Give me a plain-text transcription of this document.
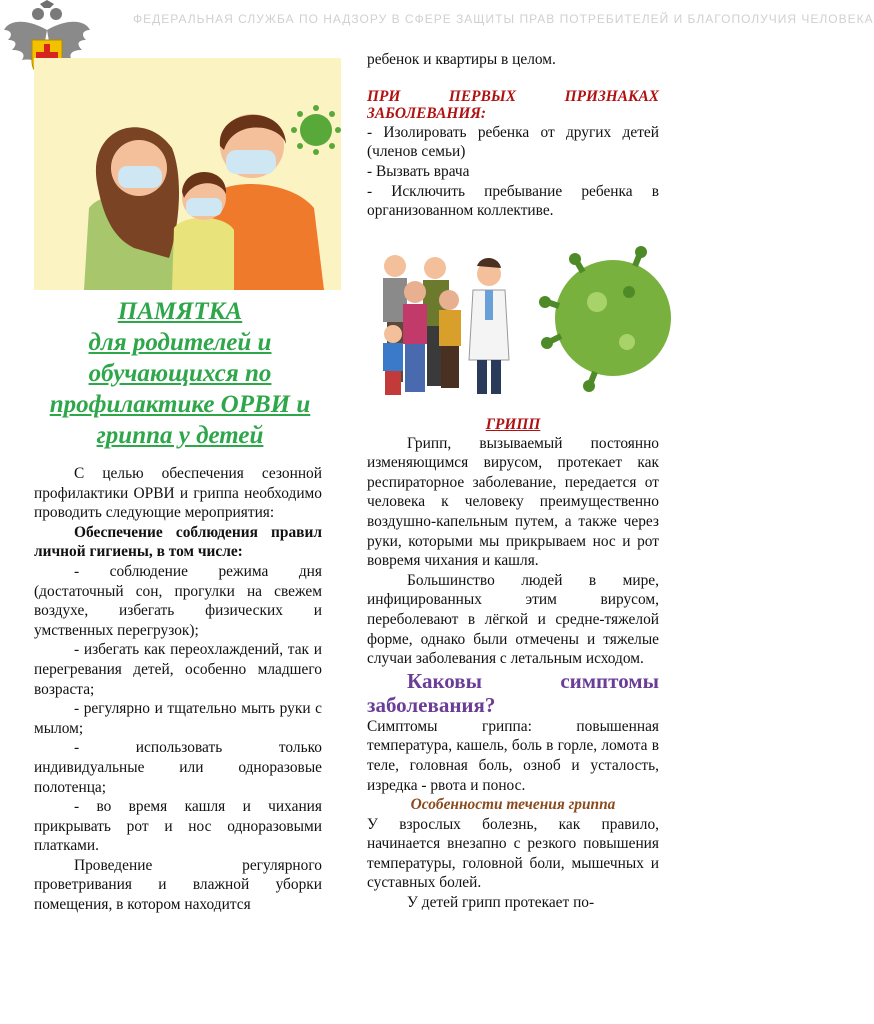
ФЕДЕРАЛЬНАЯ СЛУЖБА ПО НАДЗОРУ В СФЕРЕ ЗАЩИТЫ ПРАВ ПОТРЕБИТЕЛЕЙ И БЛАГОПОЛУЧИЯ ЧЕЛОВЕКА
ПАМЯТКА
для родителей и
обучающихся по
профилактике ОРВИ и
гриппа у детей

С целью обеспечения сезонной профилактики ОРВИ и гриппа необходимо проводить следующие мероприятия:

Обеспечение соблюдения правил личной гигиены, в том числе:

- соблюдение режима дня (достаточный сон, прогулки на свежем воздухе, избегать физических и умственных перегрузок);

- избегать как переохлаждений, так и перегревания детей, особенно младшего возраста;

- регулярно и тщательно мыть руки с мылом;

- использовать только индивидуальные или одноразовые полотенца;

- во время кашля и чихания прикрывать рот и нос одноразовыми платками.

Проведение регулярного проветривания и влажной уборки помещения, в котором находится

ребенок и квартиры в целом.

ПРИ ПЕРВЫХ ПРИЗНАКАХ ЗАБОЛЕВАНИЯ:

- Изолировать ребенка от других детей (членов семьи)

- Вызвать врача

- Исключить пребывание ребенка в организованном коллективе.

ГРИПП

Грипп, вызываемый постоянно изменяющимся вирусом, протекает как респираторное заболевание, передается от человека к человеку преимущественно воздушно-капельным путем, а также через руки, которыми мы прикрываем нос и рот вовремя чихания и кашля.

Большинство людей в мире, инфицированных этим вирусом, переболевают в лёгкой и средне-тяжелой форме, однако были отмечены и тяжелые случаи заболевания с летальным исходом.

Каковы симптомы заболевания?

Симптомы гриппа: повышенная температура, кашель, боль в горле, ломота в теле, головная боль, озноб и усталость, изредка - рвота и понос.

Особенности течения гриппа

У взрослых болезнь, как правило, начинается внезапно с резкого повышения температуры, головной боли, мышечных и суставных болей.

У детей грипп протекает по-
